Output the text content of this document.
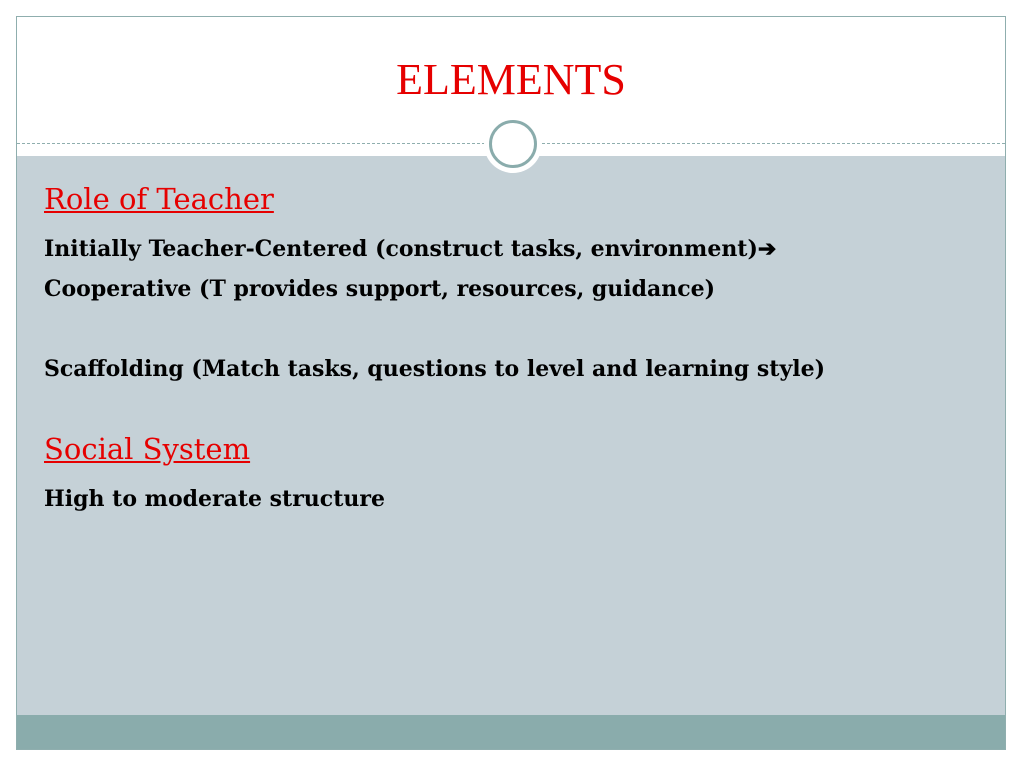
ELEMENTS
Role of Teacher
Initially Teacher-Centered (construct tasks, environment)➔
Cooperative (T provides support, resources, guidance)
Scaffolding (Match tasks, questions to level and learning style)
Social System
High to moderate structure
